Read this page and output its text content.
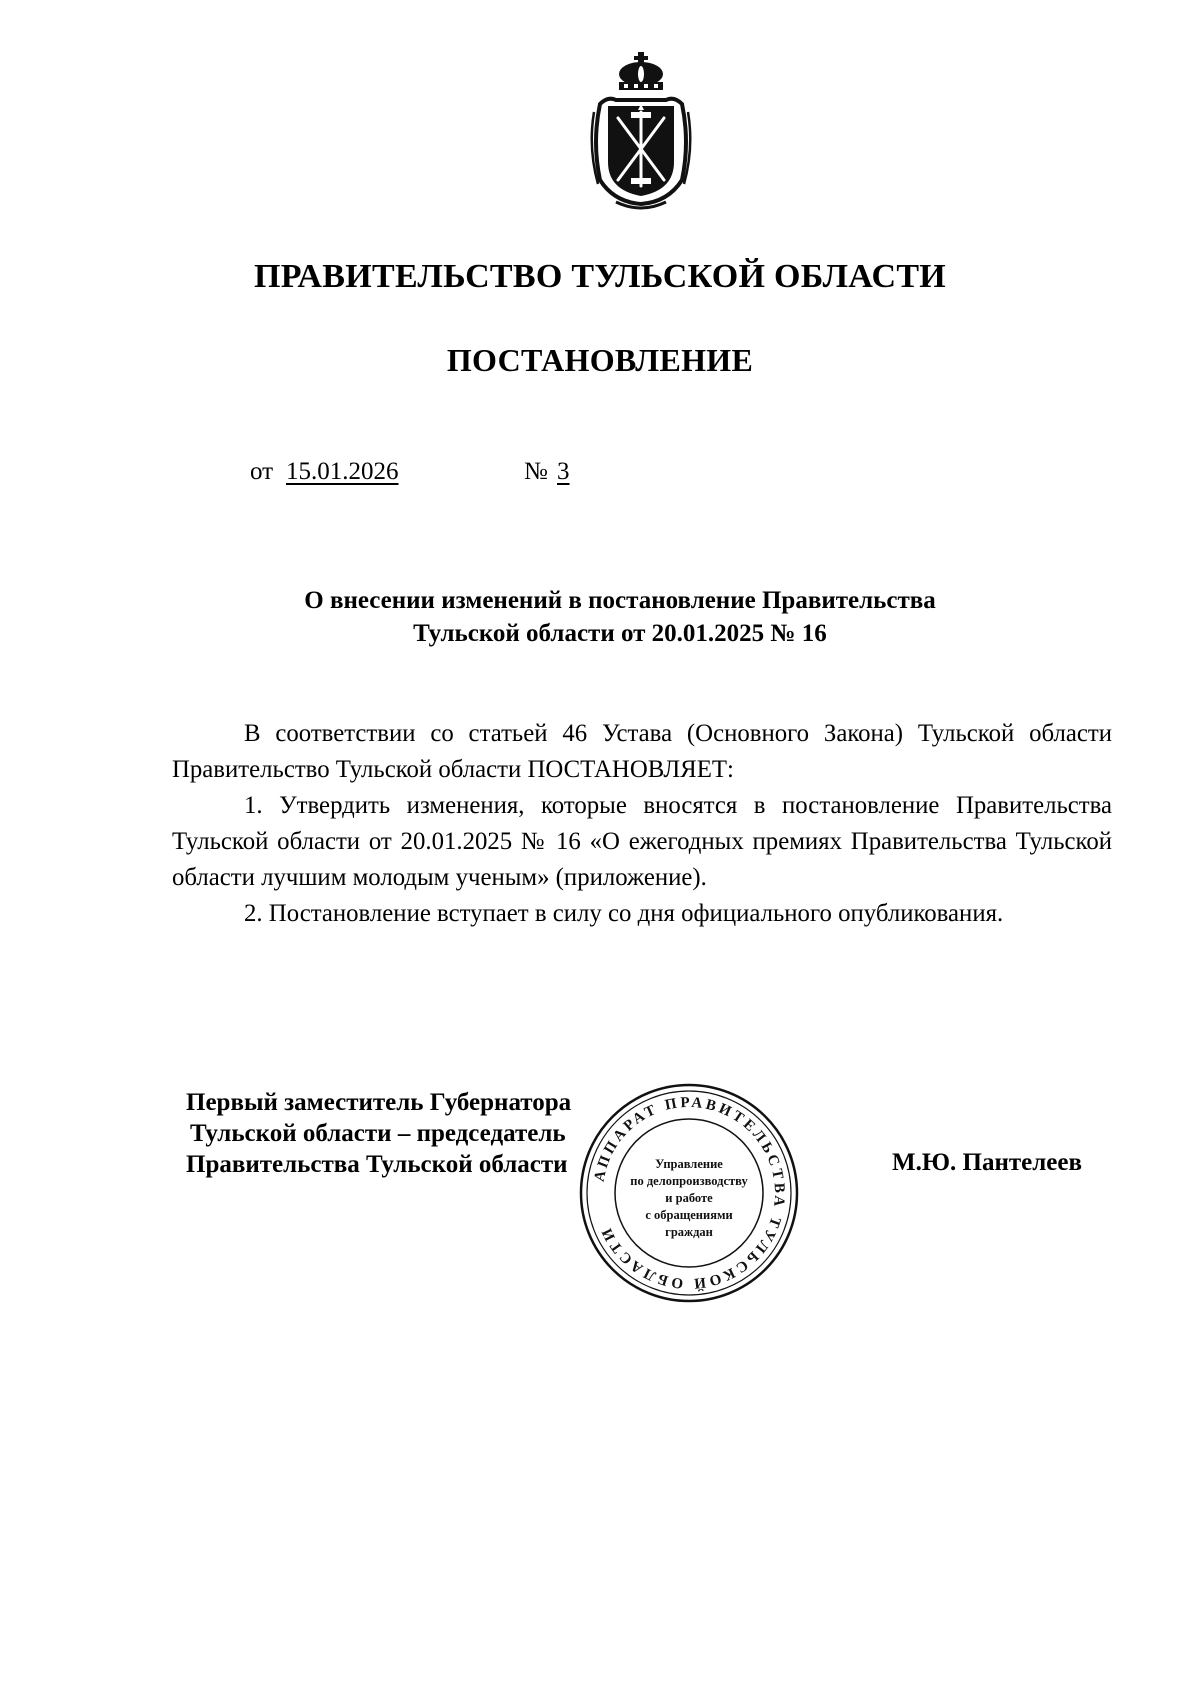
ПРАВИТЕЛЬСТВО ТУЛЬСКОЙ ОБЛАСТИ
ПОСТАНОВЛЕНИЕ
от 15.01.2026	№ 3
О внесении изменений в постановление Правительства
Тульской области от 20.01.2025 № 16

В соответствии со статьей 46 Устава (Основного Закона) Тульской области Правительство Тульской области ПОСТАНОВЛЯЕТ:

1. Утвердить изменения, которые вносятся в постановление Правительства Тульской области от 20.01.2025 № 16 «О ежегодных премиях Правительства Тульской области лучшим молодым ученым» (приложение).

2. Постановление вступает в силу со дня официального опубликования.

Первый заместитель Губернатора
Тульской области – председатель
Правительства Тульской области	М.Ю. Пантелеев
АППАРАТ ПРАВИТЕЛЬСТВА ТУЛЬСКОЙ ОБЛАСТИ
Управление
по делопроизводству
и работе
с обращениями
граждан
